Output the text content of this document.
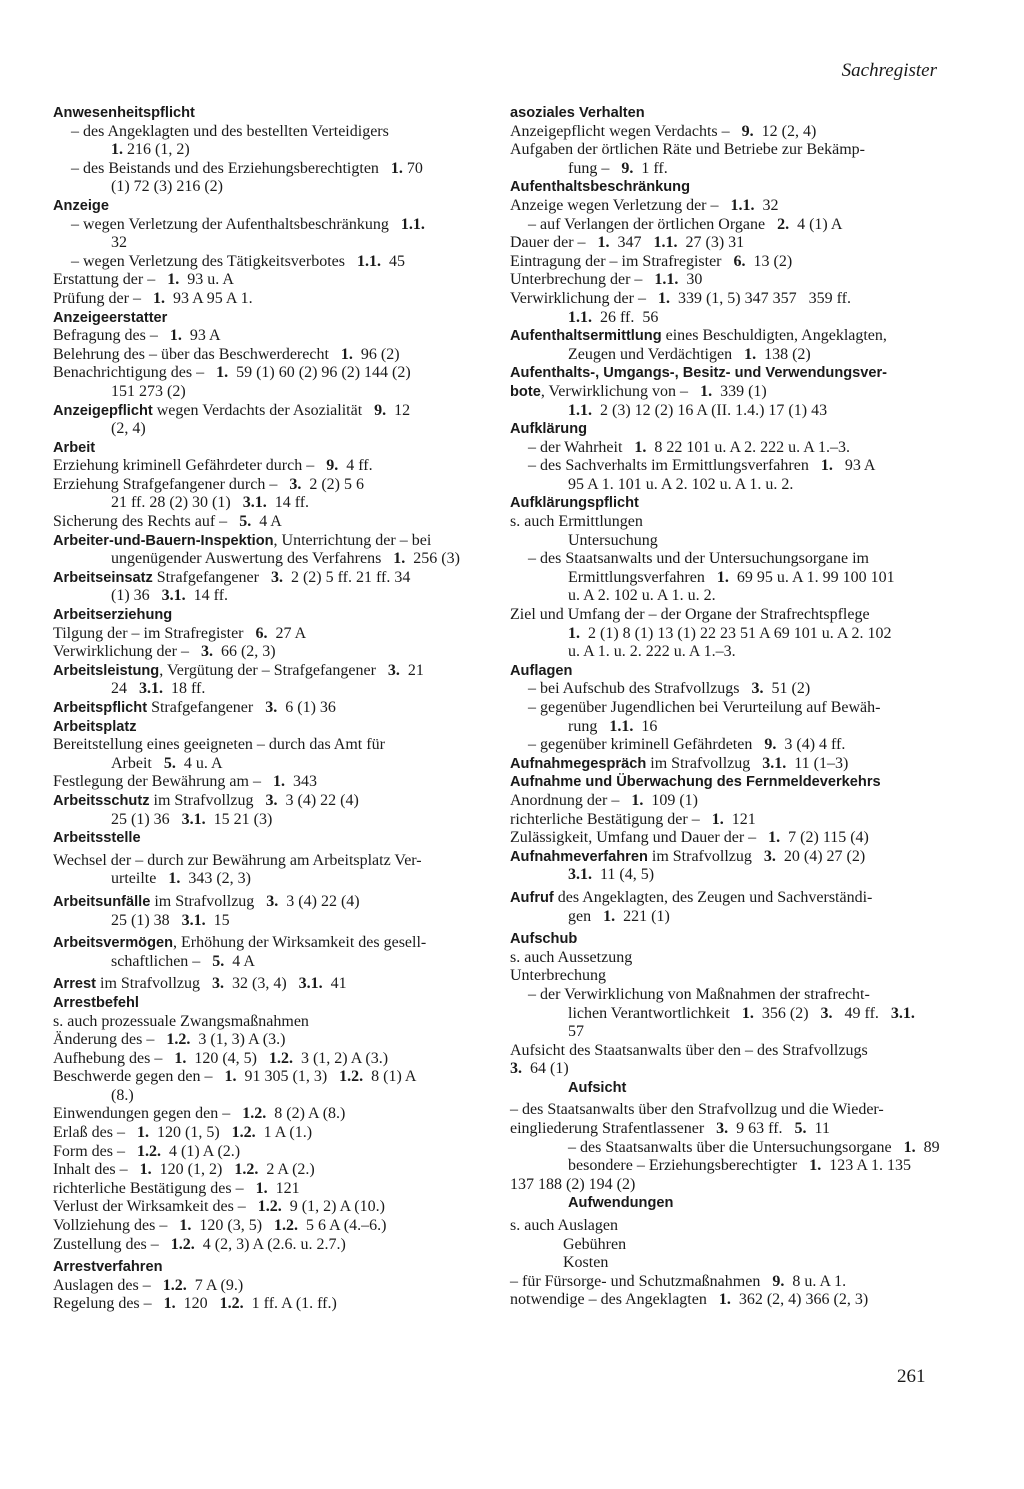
Sachregister
Anwesenheitspflicht
– des Angeklagten und des bestellten Verteidigers
1. 216 (1, 2)
– des Beistands und des Erziehungsberechtigten   1. 70
(1) 72 (3) 216 (2)
Anzeige
– wegen Verletzung der Aufenthaltsbeschränkung   1.1.
32
– wegen Verletzung des Tätigkeitsverbotes   1.1.  45
Erstattung der –   1.  93 u. A
Prüfung der –   1.  93 A 95 A 1.
Anzeigeerstatter
Befragung des –   1.  93 A
Belehrung des – über das Beschwerderecht   1.  96 (2)
Benachrichtigung des –   1.  59 (1) 60 (2) 96 (2) 144 (2)
151 273 (2)
Anzeigepflicht wegen Verdachts der Asozialität   9.  12
(2, 4)
Arbeit
Erziehung kriminell Gefährdeter durch –   9.  4 ff.
Erziehung Strafgefangener durch –   3.  2 (2) 5 6
21 ff. 28 (2) 30 (1)   3.1.  14 ff.
Sicherung des Rechts auf –   5.  4 A
Arbeiter-und-Bauern-Inspektion, Unterrichtung der – bei
ungenügender Auswertung des Verfahrens   1.  256 (3)
Arbeitseinsatz Strafgefangener   3.  2 (2) 5 ff. 21 ff. 34
(1) 36   3.1.  14 ff.
Arbeitserziehung
Tilgung der – im Strafregister   6.  27 A
Verwirklichung der –   3.  66 (2, 3)
Arbeitsleistung, Vergütung der – Strafgefangener   3.  21
24   3.1.  18 ff.
Arbeitspflicht Strafgefangener   3.  6 (1) 36
Arbeitsplatz
Bereitstellung eines geeigneten – durch das Amt für
Arbeit   5.  4 u. A
Festlegung der Bewährung am –   1.  343
Arbeitsschutz im Strafvollzug   3.  3 (4) 22 (4)
25 (1) 36   3.1.  15 21 (3)
Arbeitsstelle
Wechsel der – durch zur Bewährung am Arbeitsplatz Ver-
urteilte   1.  343 (2, 3)
Arbeitsunfälle im Strafvollzug   3.  3 (4) 22 (4)
25 (1) 38   3.1.  15
Arbeitsvermögen, Erhöhung der Wirksamkeit des gesell-
schaftlichen –   5.  4 A
Arrest im Strafvollzug   3.  32 (3, 4)   3.1.  41
Arrestbefehl
s. auch prozessuale Zwangsmaßnahmen
Änderung des –   1.2.  3 (1, 3) A (3.)
Aufhebung des –   1.  120 (4, 5)   1.2.  3 (1, 2) A (3.)
Beschwerde gegen den –   1.  91 305 (1, 3)   1.2.  8 (1) A
(8.)
Einwendungen gegen den –   1.2.  8 (2) A (8.)
Erlaß des –   1.  120 (1, 5)   1.2.  1 A (1.)
Form des –   1.2.  4 (1) A (2.)
Inhalt des –   1.  120 (1, 2)   1.2.  2 A (2.)
richterliche Bestätigung des –   1.  121
Verlust der Wirksamkeit des –   1.2.  9 (1, 2) A (10.)
Vollziehung des –   1.  120 (3, 5)   1.2.  5 6 A (4.–6.)
Zustellung des –   1.2.  4 (2, 3) A (2.6. u. 2.7.)
Arrestverfahren
Auslagen des –   1.2.  7 A (9.)
Regelung des –   1.  120   1.2.  1 ff. A (1. ff.)
asoziales Verhalten
Anzeigepflicht wegen Verdachts –   9.  12 (2, 4)
Aufgaben der örtlichen Räte und Betriebe zur Bekämp-
fung –   9.  1 ff.
Aufenthaltsbeschränkung
Anzeige wegen Verletzung der –   1.1.  32
– auf Verlangen der örtlichen Organe   2.  4 (1) A
Dauer der –   1.  347   1.1.  27 (3) 31
Eintragung der – im Strafregister   6.  13 (2)
Unterbrechung der –   1.1.  30
Verwirklichung der –   1.  339 (1, 5) 347 357   359 ff.
1.1.  26 ff.  56
Aufenthaltsermittlung eines Beschuldigten, Angeklagten,
Zeugen und Verdächtigen   1.  138 (2)
Aufenthalts-, Umgangs-, Besitz- und Verwendungsver-
bote, Verwirklichung von –   1.  339 (1)
1.1.  2 (3) 12 (2) 16 A (II. 1.4.) 17 (1) 43
Aufklärung
– der Wahrheit   1.  8 22 101 u. A 2. 222 u. A 1.–3.
– des Sachverhalts im Ermittlungsverfahren   1.   93 A
95 A 1. 101 u. A 2. 102 u. A 1. u. 2.
Aufklärungspflicht
s. auch Ermittlungen
Untersuchung
– des Staatsanwalts und der Untersuchungsorgane im
Ermittlungsverfahren   1.  69 95 u. A 1. 99 100 101
u. A 2. 102 u. A 1. u. 2.
Ziel und Umfang der – der Organe der Strafrechtspflege
1.  2 (1) 8 (1) 13 (1) 22 23 51 A 69 101 u. A 2. 102
u. A 1. u. 2. 222 u. A 1.–3.
Auflagen
– bei Aufschub des Strafvollzugs   3.  51 (2)
– gegenüber Jugendlichen bei Verurteilung auf Bewäh-
rung   1.1.  16
– gegenüber kriminell Gefährdeten   9.  3 (4) 4 ff.
Aufnahmegespräch im Strafvollzug   3.1.  11 (1–3)
Aufnahme und Überwachung des Fernmeldeverkehrs
Anordnung der –   1.  109 (1)
richterliche Bestätigung der –   1.  121
Zulässigkeit, Umfang und Dauer der –   1.  7 (2) 115 (4)
Aufnahmeverfahren im Strafvollzug   3.  20 (4) 27 (2)
3.1.  11 (4, 5)
Aufruf des Angeklagten, des Zeugen und Sachverständi-
gen   1.  221 (1)
Aufschub
s. auch Aussetzung
Unterbrechung
– der Verwirklichung von Maßnahmen der strafrecht-
lichen Verantwortlichkeit   1.  356 (2)   3.   49 ff.   3.1.
57
Aufsicht des Staatsanwalts über den – des Strafvollzugs
3.  64 (1)
Aufsicht
– des Staatsanwalts über den Strafvollzug und die Wieder-
eingliederung Strafentlassener   3.  9 63 ff.   5.  11
– des Staatsanwalts über die Untersuchungsorgane   1.  89
besondere – Erziehungsberechtigter   1.  123 A 1. 135
137 188 (2) 194 (2)
Aufwendungen
s. auch Auslagen
Gebühren
Kosten
– für Fürsorge- und Schutzmaßnahmen   9.  8 u. A 1.
notwendige – des Angeklagten   1.  362 (2, 4) 366 (2, 3)
261
